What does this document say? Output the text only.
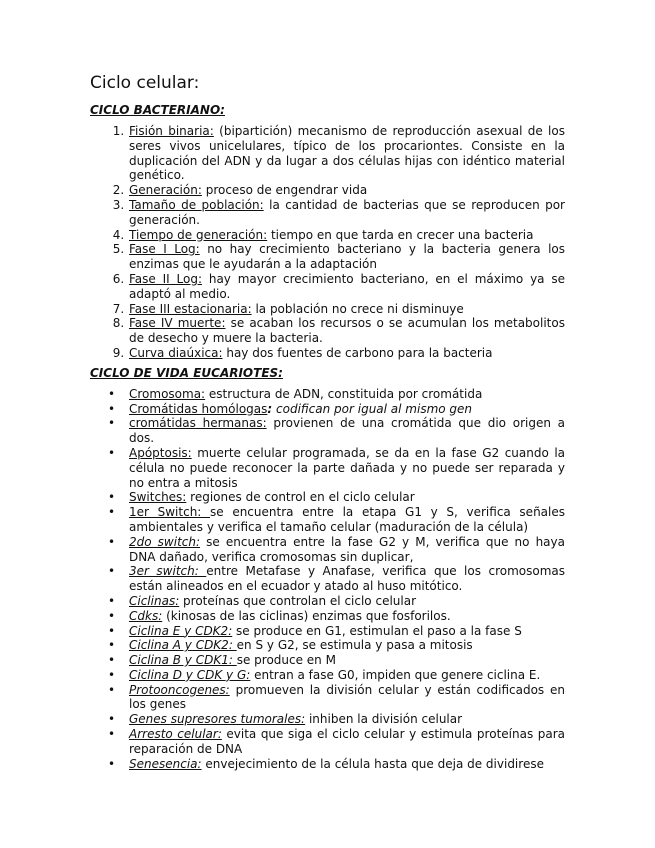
Ciclo celular:
CICLO BACTERIANO:
1. Fisión binaria: (bipartición) mecanismo de reproducción asexual de los seres vivos unicelulares, típico de los procariontes. Consiste en la duplicación del ADN y da lugar a dos células hijas con idéntico material genético.
2. Generación: proceso de engendrar vida
3. Tamaño de población: la cantidad de bacterias que se reproducen por generación.
4. Tiempo de generación: tiempo en que tarda en crecer una bacteria
5. Fase I Log: no hay crecimiento bacteriano y la bacteria genera los enzimas que le ayudarán a la adaptación
6. Fase II Log: hay mayor crecimiento bacteriano, en el máximo ya se adaptó al medio.
7. Fase III estacionaria: la población no crece ni disminuye
8. Fase IV muerte: se acaban los recursos o se acumulan los metabolitos de desecho y muere la bacteria.
9. Curva diaúxica: hay dos fuentes de carbono para la bacteria
CICLO DE VIDA EUCARIOTES:
• Cromosoma: estructura de ADN, constituida por cromátida
• Cromátidas homólogas: codifican por igual al mismo gen
• cromátidas hermanas: provienen de una cromátida que dio origen a dos.
• Apóptosis: muerte celular programada, se da en la fase G2 cuando la célula no puede reconocer la parte dañada y no puede ser reparada y no entra a mitosis
• Switches: regiones de control en el ciclo celular
• 1er Switch: se encuentra entre la etapa G1 y S, verifica señales ambientales y verifica el tamaño celular (maduración de la célula)
• 2do switch: se encuentra entre la fase G2 y M, verifica que no haya DNA dañado, verifica cromosomas sin duplicar,
• 3er switch: entre Metafase y Anafase, verifica que los cromosomas están alineados en el ecuador y atado al huso mitótico.
• Ciclinas: proteínas que controlan el ciclo celular
• Cdks: (kinosas de las ciclinas) enzimas que fosforilos.
• Ciclina E y CDK2: se produce en G1, estimulan el paso a la fase S
• Ciclina A y CDK2: en S y G2, se estimula y pasa a mitosis
• Ciclina B y CDK1: se produce en M
• Ciclina D y CDK y G: entran a fase G0, impiden que genere ciclina E.
• Protooncogenes: promueven la división celular y están codificados en los genes
• Genes supresores tumorales: inhiben la división celular
• Arresto celular: evita que siga el ciclo celular y estimula proteínas para reparación de DNA
• Senesencia: envejecimiento de la célula hasta que deja de dividirese
